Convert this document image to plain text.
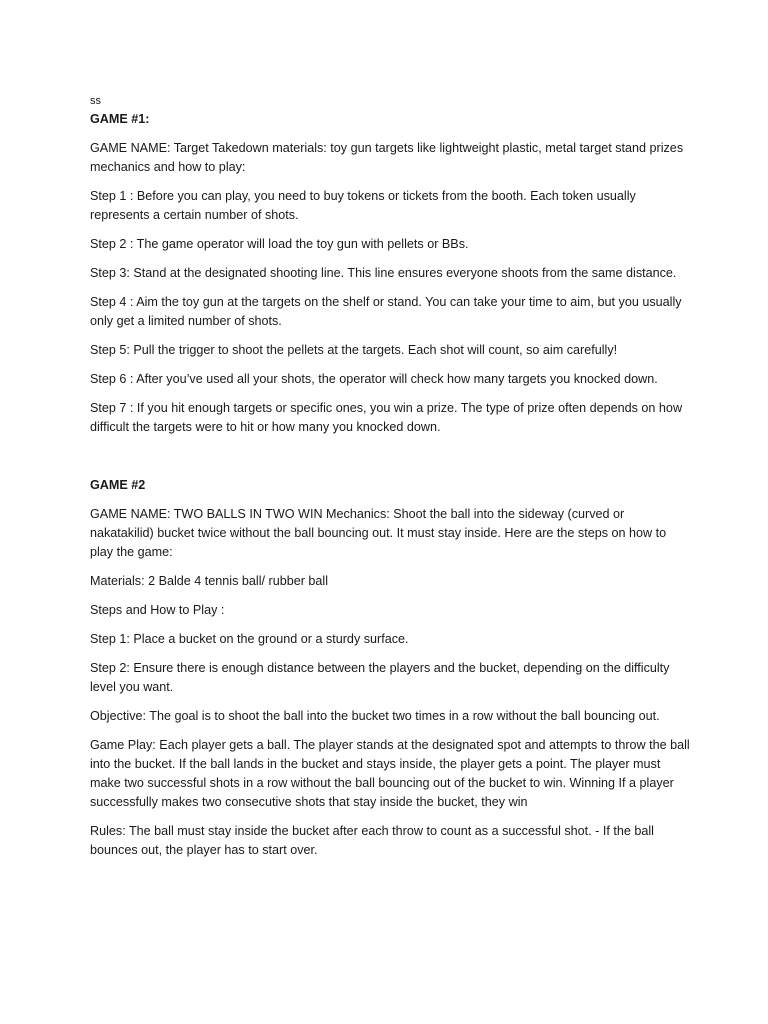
ss

GAME #1:

GAME NAME: Target Takedown materials: toy gun targets like lightweight plastic, metal target stand prizes mechanics and how to play:

Step 1 : Before you can play, you need to buy tokens or tickets from the booth. Each token usually represents a certain number of shots.

Step 2 : The game operator will load the toy gun with pellets or BBs.

Step 3: Stand at the designated shooting line. This line ensures everyone shoots from the same distance.

Step 4 : Aim the toy gun at the targets on the shelf or stand. You can take your time to aim, but you usually only get a limited number of shots.

Step 5: Pull the trigger to shoot the pellets at the targets. Each shot will count, so aim carefully!

Step 6 : After you’ve used all your shots, the operator will check how many targets you knocked down.

Step 7 : If you hit enough targets or specific ones, you win a prize. The type of prize often depends on how difficult the targets were to hit or how many you knocked down.

GAME #2

GAME NAME: TWO BALLS IN TWO WIN Mechanics: Shoot the ball into the sideway (curved or nakatakilid) bucket twice without the ball bouncing out. It must stay inside. Here are the steps on how to play the game:

Materials: 2 Balde 4 tennis ball/ rubber ball

Steps and How to Play :

Step 1: Place a bucket on the ground or a sturdy surface.

Step 2: Ensure there is enough distance between the players and the bucket, depending on the difficulty level you want.

Objective: The goal is to shoot the ball into the bucket two times in a row without the ball bouncing out.

Game Play: Each player gets a ball. The player stands at the designated spot and attempts to throw the ball into the bucket. If the ball lands in the bucket and stays inside, the player gets a point. The player must make two successful shots in a row without the ball bouncing out of the bucket to win. Winning If a player successfully makes two consecutive shots that stay inside the bucket, they win

Rules: The ball must stay inside the bucket after each throw to count as a successful shot. - If the ball bounces out, the player has to start over.
